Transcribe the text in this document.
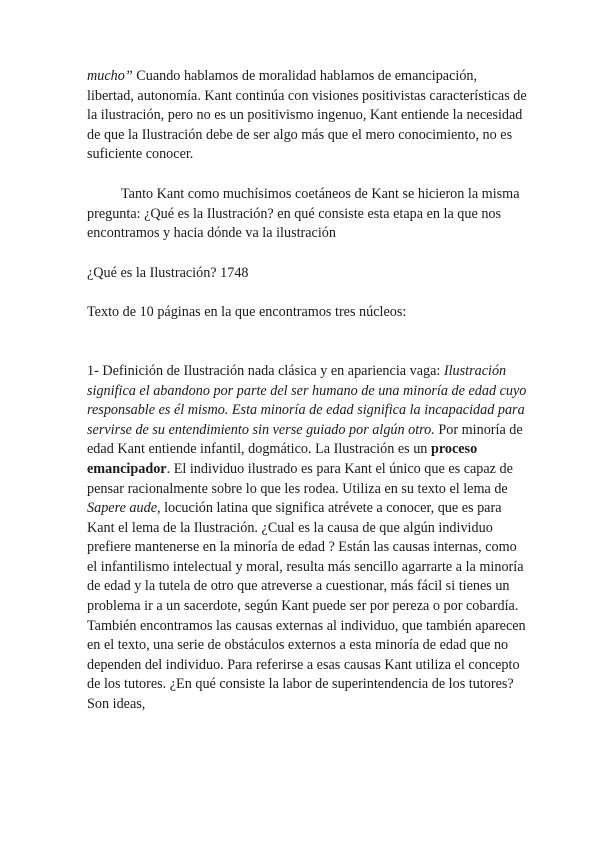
mucho” Cuando hablamos de moralidad hablamos de emancipación, libertad, autonomía. Kant continúa con visiones positivistas características de la ilustración, pero no es un positivismo ingenuo, Kant entiende la necesidad de que la Ilustración debe de ser algo más que el mero conocimiento, no es suficiente conocer.

Tanto Kant como muchísimos coetáneos de Kant se hicieron la misma pregunta: ¿Qué es la Ilustración? en qué consiste esta etapa en la que nos encontramos y hacia dónde va la ilustración

¿Qué es la Ilustración? 1748

Texto de 10 páginas en la que encontramos tres núcleos:

1- Definición de Ilustración nada clásica y en apariencia vaga: Ilustración significa el abandono por parte del ser humano de una minoría de edad cuyo responsable es él mismo. Esta minoría de edad significa la incapacidad para servirse de su entendimiento sin verse guiado por algún otro. Por minoría de edad Kant entiende infantil, dogmático. La Ilustración es un proceso emancipador. El individuo ilustrado es para Kant el único que es capaz de pensar racionalmente sobre lo que les rodea. Utiliza en su texto el lema de Sapere aude, locución latina que significa atrévete a conocer, que es para Kant el lema de la Ilustración. ¿Cual es la causa de que algún individuo prefiere mantenerse en la minoría de edad ? Están las causas internas, como el infantilismo intelectual y moral, resulta más sencillo agarrarte a la minoría de edad y la tutela de otro que atreverse a cuestionar, más fácil si tienes un problema ir a un sacerdote, según Kant puede ser por pereza o por cobardía. También encontramos las causas externas al individuo, que también aparecen en el texto, una serie de obstáculos externos a esta minoría de edad que no dependen del individuo. Para referirse a esas causas Kant utiliza el concepto de los tutores. ¿En qué consiste la labor de superintendencia de los tutores? Son ideas,
